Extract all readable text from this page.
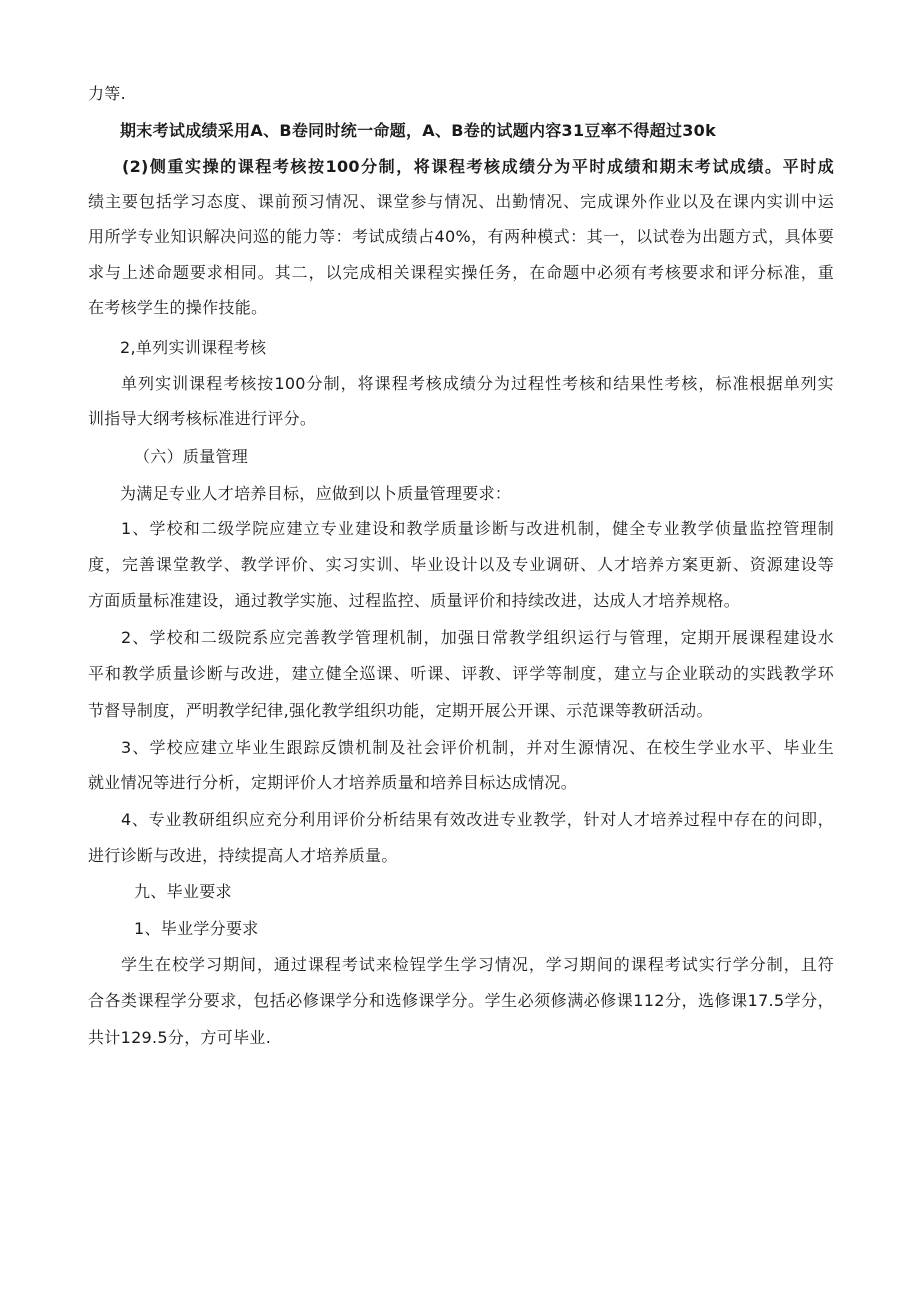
力等.

期末考试成绩采用A、B卷同时统一命题，A、B卷的试题内容31豆率不得超过30k

(2)侧重实操的课程考核按100分制，将课程考核成绩分为平时成绩和期末考试成绩。平时成

绩主要包括学习态度、课前预习情况、课堂参与情况、出勤情况、完成课外作业以及在课内实训中运

用所学专业知识解决问巡的能力等：考试成绩占40%，有两种模式：其一，以试卷为出题方式，具体要

求与上述命题要求相同。其二，以完成相关课程实操任务，在命题中必须有考核要求和评分标准，重

在考核学生的操作技能。

2,单列实训课程考核

单列实训课程考核按100分制，将课程考核成绩分为过程性考核和结果性考核，标准根据单列实

训指导大纲考核标准进行评分。

（六）质量管理

为满足专业人才培养目标，应做到以卜质量管理要求：

1、学校和二级学院应建立专业建设和教学质量诊断与改进机制，健全专业教学侦量监控管理制

度，完善课堂教学、教学评价、实习实训、毕业设计以及专业调研、人才培养方案更新、资源建设等

方面质量标准建设，通过教学实施、过程监控、质量评价和持续改进，达成人才培养规格。

2、学校和二级院系应完善教学管理机制，加强日常教学组织运行与管理，定期开展课程建设水

平和教学质量诊断与改进，建立健全巡课、听课、评教、评学等制度，建立与企业联动的实践教学环

节督导制度，严明教学纪律,强化教学组织功能，定期开展公开课、示范课等教研活动。

3、学校应建立毕业生跟踪反馈机制及社会评价机制，并对生源情况、在校生学业水平、毕业生

就业情况等进行分析，定期评价人才培养质量和培养目标达成情况。

4、专业教研组织应充分利用评价分析结果有效改进专业教学，针对人才培养过程中存在的问即，

进行诊断与改进，持续提高人才培养质量。

九、毕业要求

1、毕业学分要求

学生在校学习期间，通过课程考试来检锃学生学习情况，学习期间的课程考试实行学分制，且符

合各类课程学分要求，包括必修课学分和选修课学分。学生必须修满必修课112分，选修课17.5学分，

共计129.5分，方可毕业.
